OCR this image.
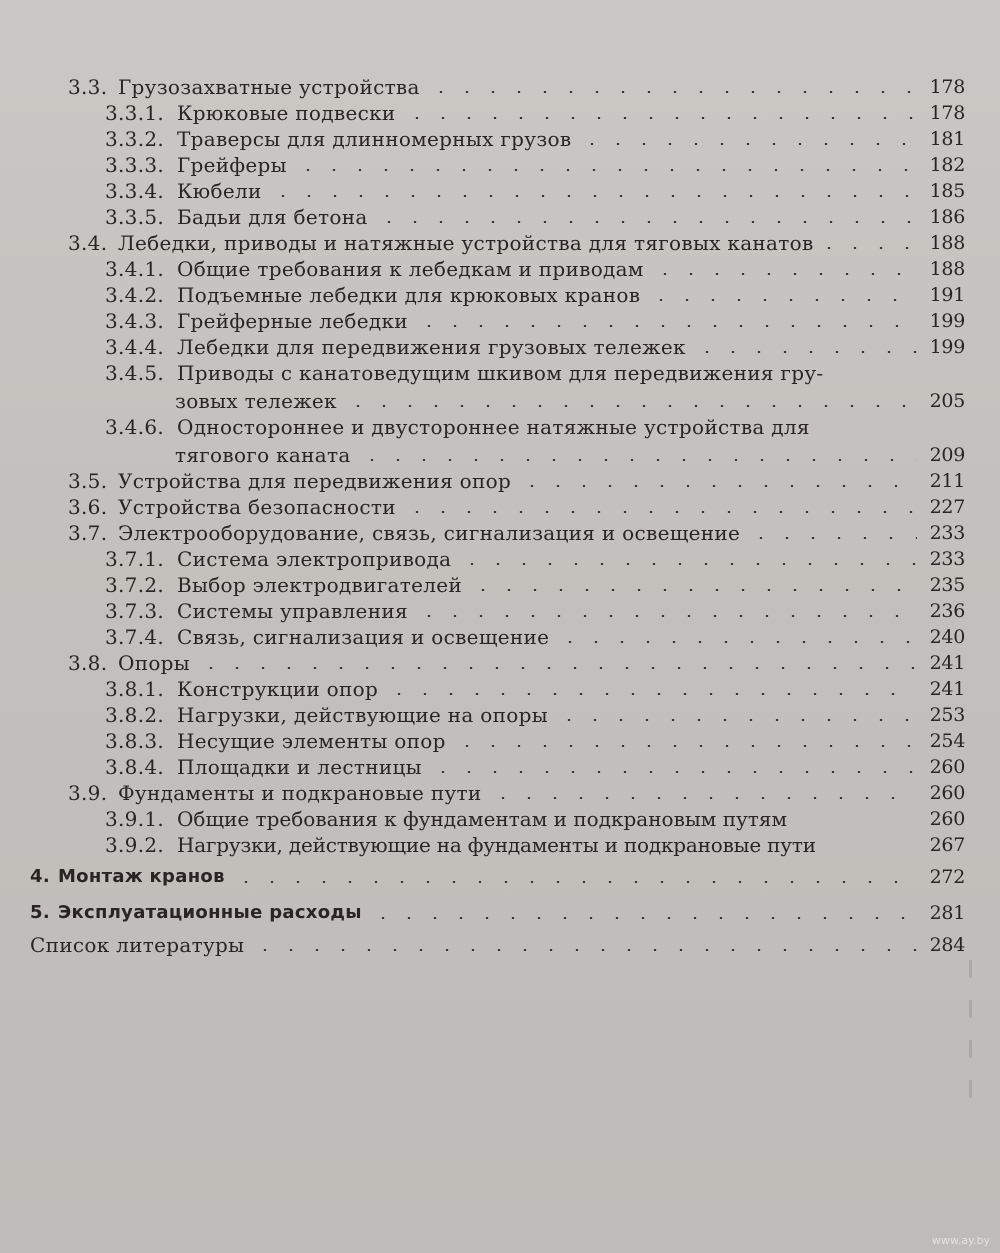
3.3. Грузозахватные устройства	178
3.3.1. Крюковые подвески	178
3.3.2. Траверсы для длинномерных грузов	181
3.3.3. Грейферы	182
3.3.4. Кюбели	185
3.3.5. Бадьи для бетона	186
3.4. Лебедки, приводы и натяжные устройства для тяговых канатов	188
3.4.1. Общие требования к лебедкам и приводам	188
3.4.2. Подъемные лебедки для крюковых кранов	191
3.4.3. Грейферные лебедки	199
3.4.4. Лебедки для передвижения грузовых тележек	199
3.4.5. Приводы с канатоведущим шкивом для передвижения гру-
зовых тележек	205
3.4.6. Одностороннее и двустороннее натяжные устройства для
тягового каната	209
3.5. Устройства для передвижения опор	211
3.6. Устройства безопасности	227
3.7. Электрооборудование, связь, сигнализация и освещение	233
3.7.1. Система электропривода	233
3.7.2. Выбор электродвигателей	235
3.7.3. Системы управления	236
3.7.4. Связь, сигнализация и освещение	240
3.8. Опоры	241
3.8.1. Конструкции опор	241
3.8.2. Нагрузки, действующие на опоры	253
3.8.3. Несущие элементы опор	254
3.8.4. Площадки и лестницы	260
3.9. Фундаменты и подкрановые пути	260
3.9.1. Общие требования к фундаментам и подкрановым путям	260
3.9.2. Нагрузки, действующие на фундаменты и подкрановые пути	267
4. Монтаж кранов	272
5. Эксплуатационные расходы	281
Список литературы	284
www.ay.by
